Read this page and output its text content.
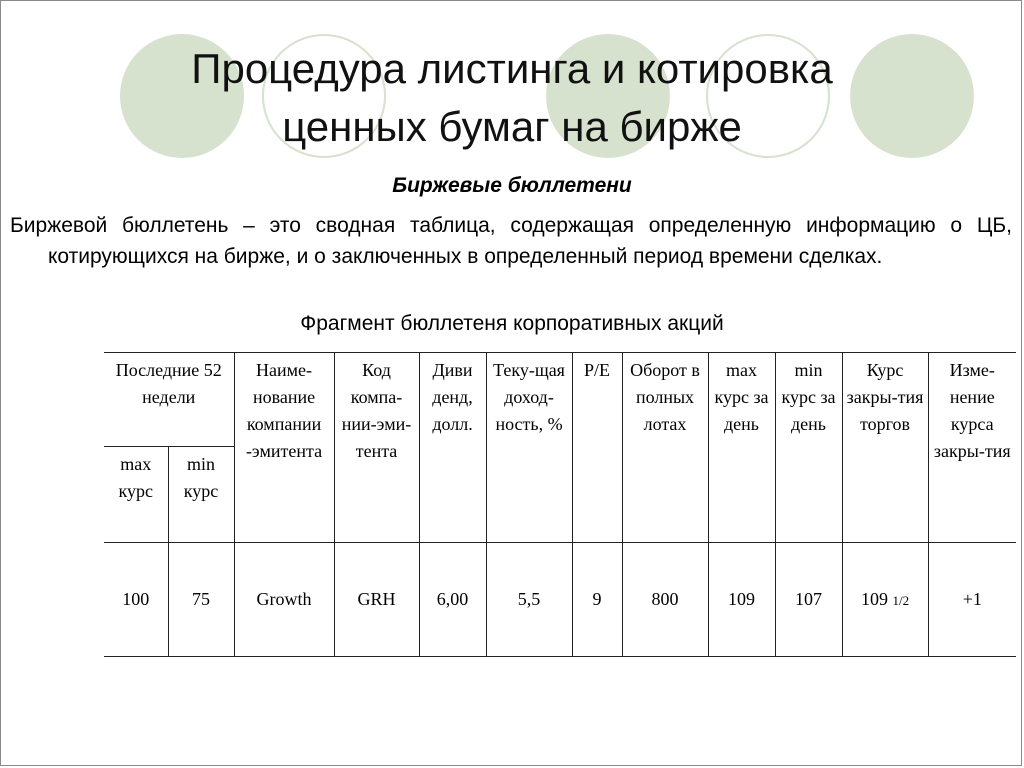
Процедура листинга и котировка
ценных бумаг на бирже
Биржевые бюллетени
Биржевой бюллетень – это сводная таблица, содержащая определенную информацию о ЦБ, котирующихся на бирже, и о заключенных в определенный период времени сделках.
Фрагмент бюллетеня корпоративных акций
Последние 52 недели		Наиме-нование компании -эмитента	Код компа-нии-эми-тента	Диви денд, долл.	Теку-щая доход-ность, %	P/E	Оборот в полных лотах	max курс за день	min курс за день	Курс закры-тия торгов	Изме-нение курса закры-тия
max курс	min курс										
100	75	Growth	GRH	6,00	5,5	9	800	109	107	109 1/2	+1
